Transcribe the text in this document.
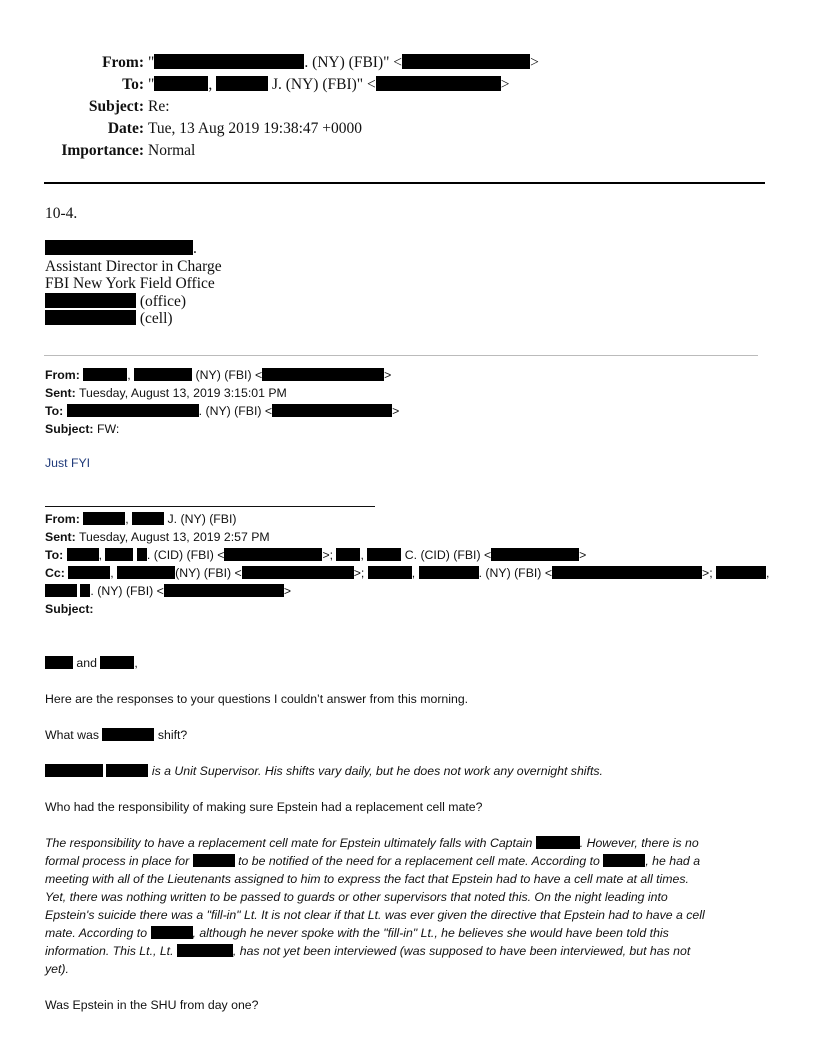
From: "	. (NY) (FBI)" <	>
To: "	,	J. (NY) (FBI)" <	>
Subject: Re:
Date: Tue, 13 Aug 2019 19:38:47 +0000
Importance: Normal
10-4.
.
Assistant Director in Charge
FBI New York Field Office
(office)
(cell)
From:	,	(NY) (FBI) <	>
Sent: Tuesday, August 13, 2019 3:15:01 PM
To:	. (NY) (FBI) <	>
Subject: FW:
Just FYI
From:	,	J. (NY) (FBI)
Sent: Tuesday, August 13, 2019 2:57 PM
To:	,	. (CID) (FBI) <	>; ,	C. (CID) (FBI) <	>
Cc:	,	(NY) (FBI) <	>;	,	. (NY) (FBI) <	>;	,
. (NY) (FBI) <	>
Subject:
and	,
Here are the responses to your questions I couldn’t answer from this morning.
What was	shift?
is a Unit Supervisor. His shifts vary daily, but he does not work any overnight shifts.
Who had the responsibility of making sure Epstein had a replacement cell mate?
The responsibility to have a replacement cell mate for Epstein ultimately falls with Captain	. However, there is no
formal process in place for	to be notified of the need for a replacement cell mate. According to	, he had a
meeting with all of the Lieutenants assigned to him to express the fact that Epstein had to have a cell mate at all times.
Yet, there was nothing written to be passed to guards or other supervisors that noted this. On the night leading into
Epstein's suicide there was a "fill-in" Lt. It is not clear if that Lt. was ever given the directive that Epstein had to have a cell
mate. According to	, although he never spoke with the "fill-in" Lt., he believes she would have been told this
information. This Lt., Lt.	, has not yet been interviewed (was supposed to have been interviewed, but has not
yet).
Was Epstein in the SHU from day one?
